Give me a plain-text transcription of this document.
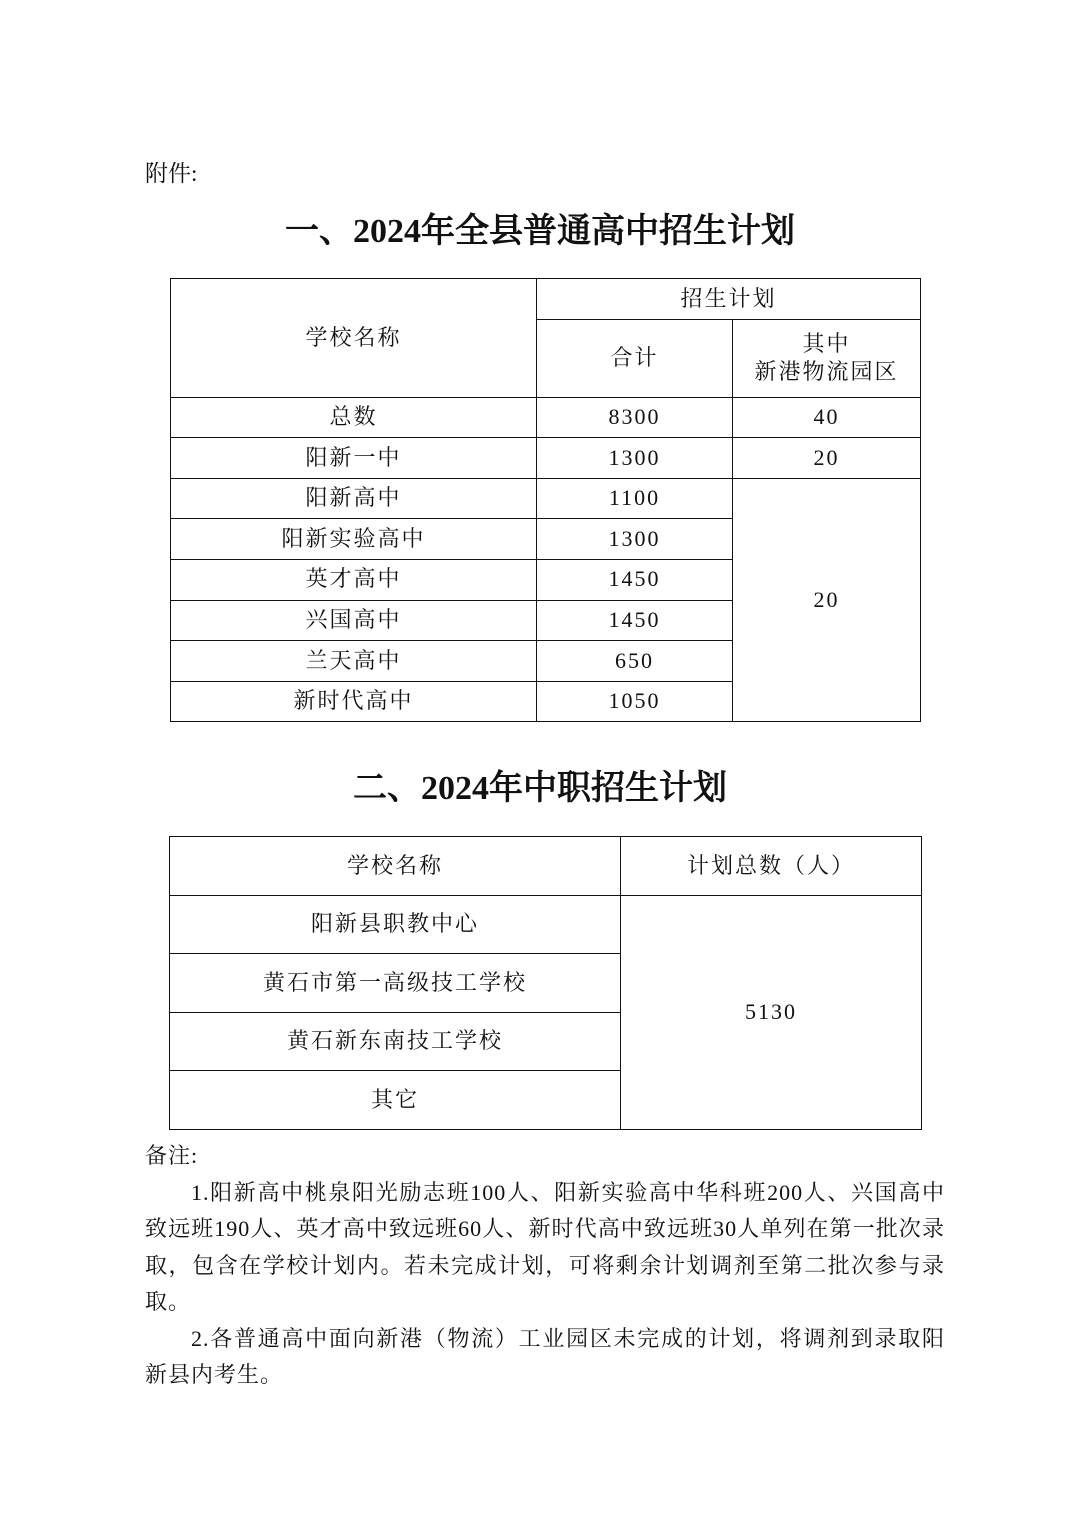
附件:
一、2024年全县普通高中招生计划
学校名称	招生计划	
	合计	其中
新港物流园区
总数	8300	40
阳新一中	1300	20
阳新高中	1100	20
阳新实验高中	1300	
英才高中	1450	
兴国高中	1450	
兰天高中	650	
新时代高中	1050	
二、2024年中职招生计划
学校名称	计划总数（人）
阳新县职教中心	5130
黄石市第一高级技工学校	
黄石新东南技工学校	
其它	

备注:

1.阳新高中桃泉阳光励志班100人、阳新实验高中华科班200人、兴国高中致远班190人、英才高中致远班60人、新时代高中致远班30人单列在第一批次录取，包含在学校计划内。若未完成计划，可将剩余计划调剂至第二批次参与录取。

2.各普通高中面向新港（物流）工业园区未完成的计划，将调剂到录取阳新县内考生。
